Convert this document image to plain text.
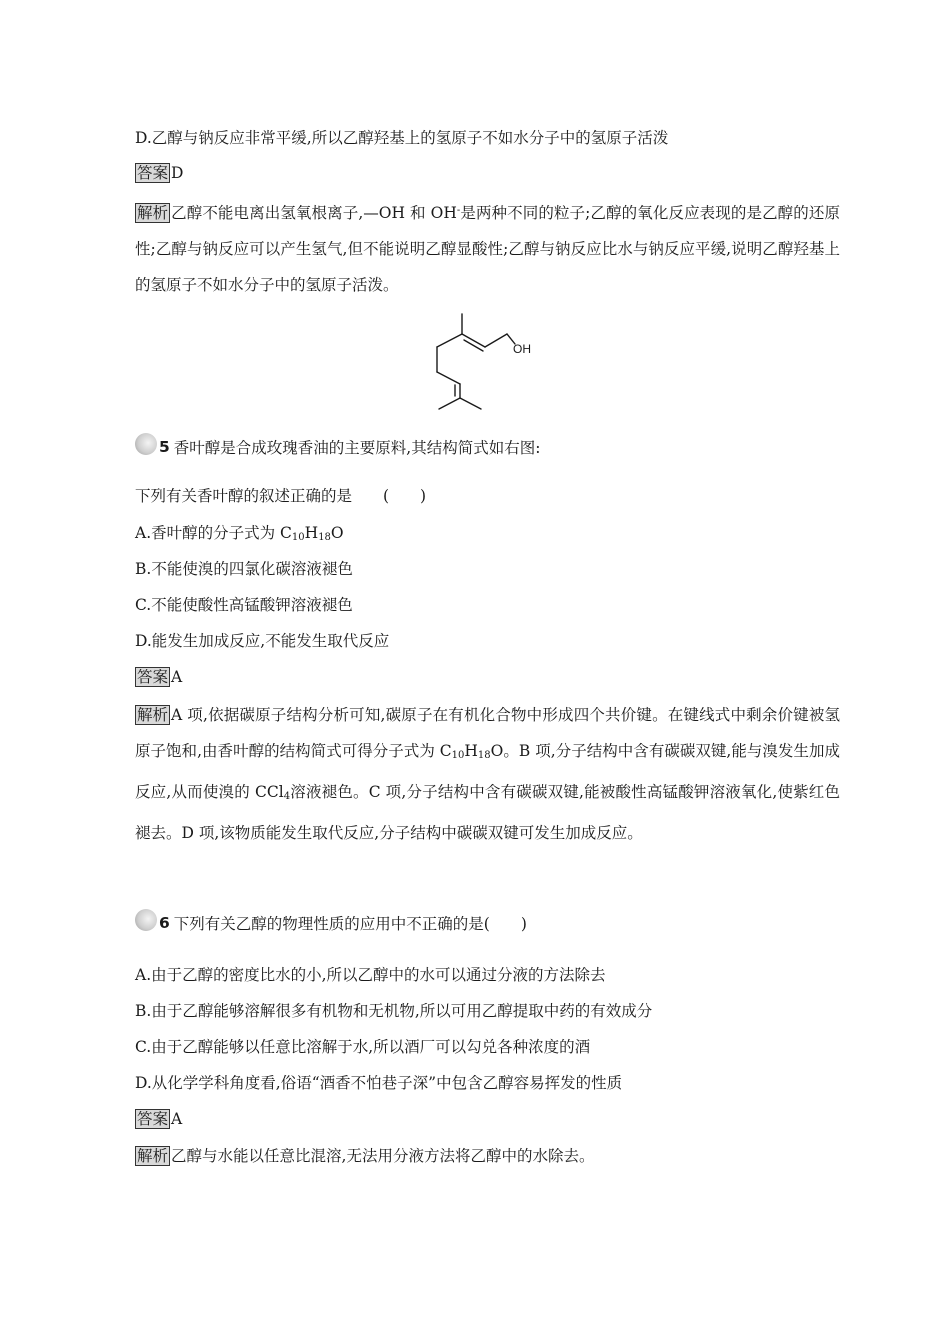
D.乙醇与钠反应非常平缓,所以乙醇羟基上的氢原子不如水分子中的氢原子活泼
答案 D
解析 乙醇不能电离出氢氧根离子,—OH 和 OH-是两种不同的粒子;乙醇的氧化反应表现的是乙醇的还原性;乙醇与钠反应可以产生氢气,但不能说明乙醇显酸性;乙醇与钠反应比水与钠反应平缓,说明乙醇羟基上的氢原子不如水分子中的氢原子活泼。
OH
5 香叶醇是合成玫瑰香油的主要原料,其结构简式如右图:
下列有关香叶醇的叙述正确的是　　(　　)
A.香叶醇的分子式为 $C_{10}H_{18}O$
B.不能使溴的四氯化碳溶液褪色
C.不能使酸性高锰酸钾溶液褪色
D.能发生加成反应,不能发生取代反应
答案 A
解析 A 项,依据碳原子结构分析可知,碳原子在有机化合物中形成四个共价键。在键线式中剩余价键被氢原子饱和,由香叶醇的结构简式可得分子式为 $C_{10}H_{18}O$。B 项,分子结构中含有碳碳双键,能与溴发生加成反应,从而使溴的 CCl$_4$溶液褪色。C 项,分子结构中含有碳碳双键,能被酸性高锰酸钾溶液氧化,使紫红色褪去。D 项,该物质能发生取代反应,分子结构中碳碳双键可发生加成反应。
6 下列有关乙醇的物理性质的应用中不正确的是(　　)
A.由于乙醇的密度比水的小,所以乙醇中的水可以通过分液的方法除去
B.由于乙醇能够溶解很多有机物和无机物,所以可用乙醇提取中药的有效成分
C.由于乙醇能够以任意比溶解于水,所以酒厂可以勾兑各种浓度的酒
D.从化学学科角度看,俗语“酒香不怕巷子深”中包含乙醇容易挥发的性质
答案 A
解析 乙醇与水能以任意比混溶,无法用分液方法将乙醇中的水除去。
